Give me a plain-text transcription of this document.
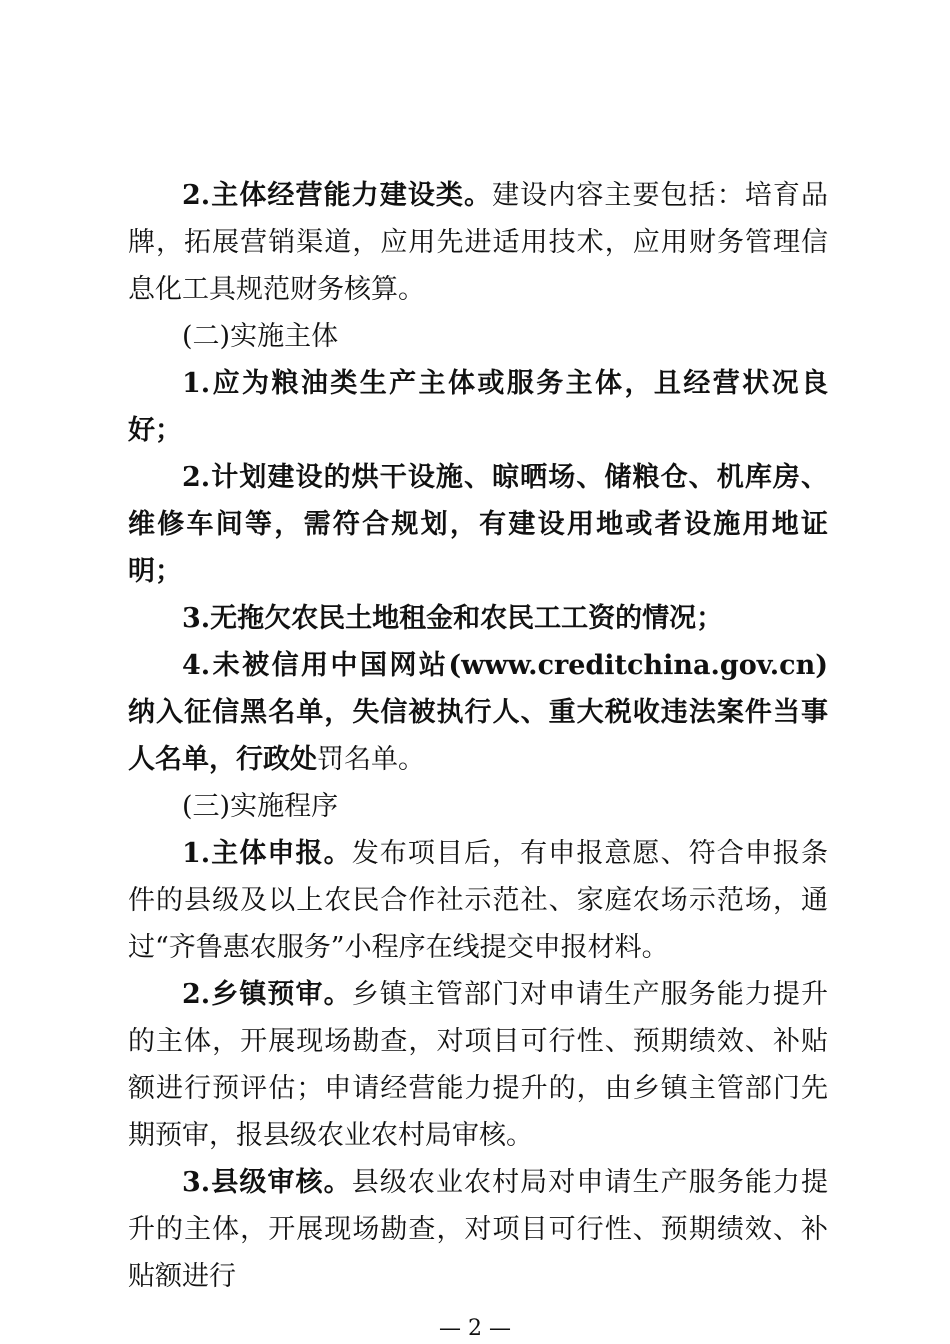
2.主体经营能力建设类。建设内容主要包括：培育品牌，拓展营销渠道，应用先进适用技术，应用财务管理信息化工具规范财务核算。

(二)实施主体

1.应为粮油类生产主体或服务主体，且经营状况良好；

2.计划建设的烘干设施、晾晒场、储粮仓、机库房、维修车间等，需符合规划，有建设用地或者设施用地证明；

3.无拖欠农民土地租金和农民工工资的情况；

4.未被信用中国网站(www.creditchina.gov.cn)纳入征信黑名单，失信被执行人、重大税收违法案件当事人名单，行政处罚名单。

(三)实施程序

1.主体申报。发布项目后，有申报意愿、符合申报条件的县级及以上农民合作社示范社、家庭农场示范场，通过“齐鲁惠农服务”小程序在线提交申报材料。

2.乡镇预审。乡镇主管部门对申请生产服务能力提升的主体，开展现场勘查，对项目可行性、预期绩效、补贴额进行预评估；申请经营能力提升的，由乡镇主管部门先期预审，报县级农业农村局审核。

3.县级审核。县级农业农村局对申请生产服务能力提升的主体，开展现场勘查，对项目可行性、预期绩效、补贴额进行

— 2 —
